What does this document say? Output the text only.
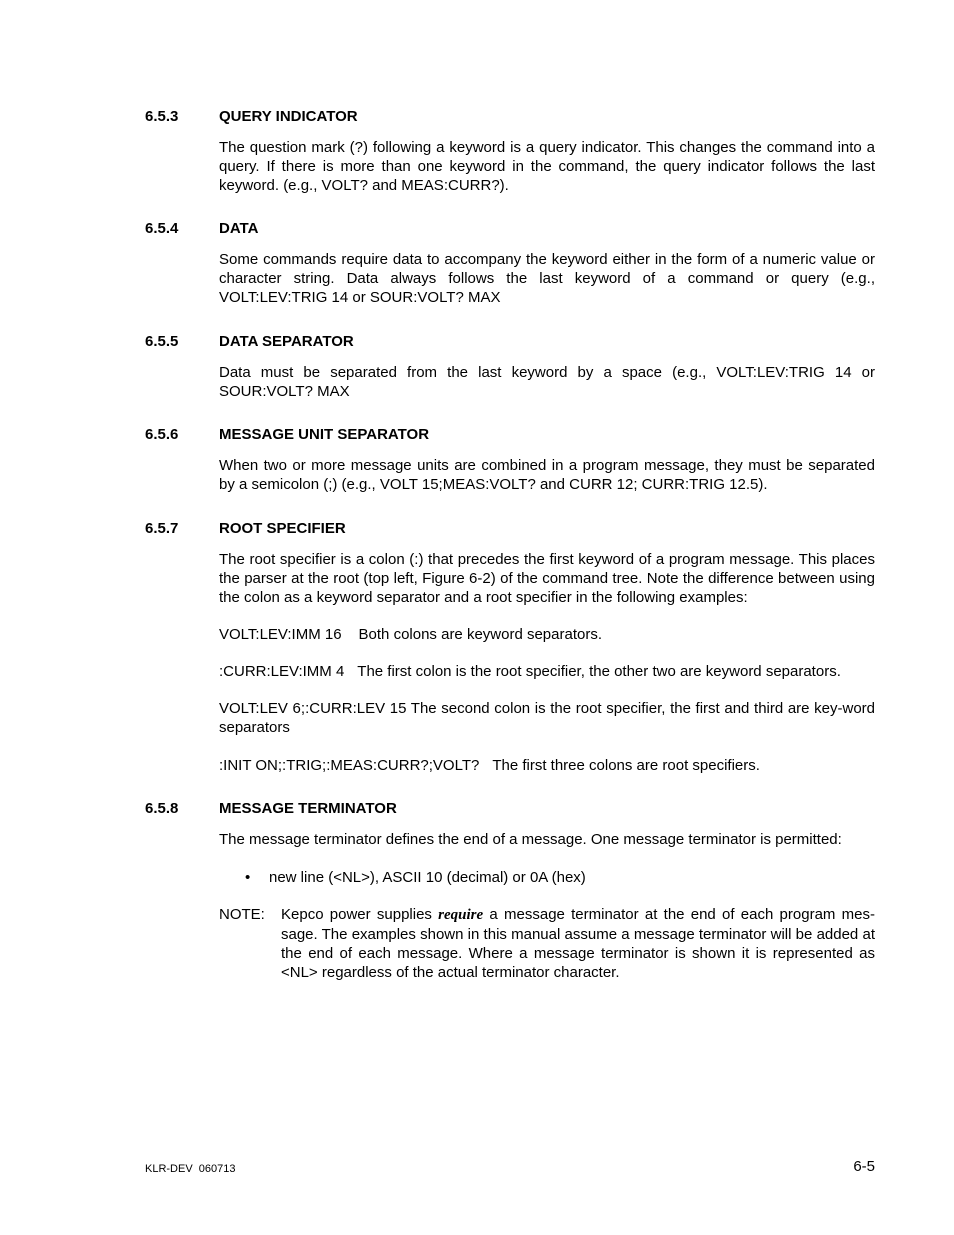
6.5.3	QUERY INDICATOR

The question mark (?) following a keyword is a query indicator. This changes the command into a query. If there is more than one keyword in the command, the query indicator follows the last keyword. (e.g., VOLT? and MEAS:CURR?).

6.5.4	DATA

Some commands require data to accompany the keyword either in the form of a numeric value or character string. Data always follows the last keyword of a command or query (e.g., VOLT:LEV:TRIG 14 or SOUR:VOLT? MAX

6.5.5	DATA SEPARATOR

Data must be separated from the last keyword by a space (e.g., VOLT:LEV:TRIG 14 or SOUR:VOLT? MAX

6.5.6	MESSAGE UNIT SEPARATOR

When two or more message units are combined in a program message, they must be separated by a semicolon (;) (e.g., VOLT 15;MEAS:VOLT? and CURR 12; CURR:TRIG 12.5).

6.5.7	ROOT SPECIFIER

The root specifier is a colon (:) that precedes the first keyword of a program message. This places the parser at the root (top left, Figure 6-2) of the command tree. Note the difference between using the colon as a keyword separator and a root specifier in the following examples:

VOLT:LEV:IMM 16 Both colons are keyword separators.
:CURR:LEV:IMM 4 The first colon is the root specifier, the other two are keyword separators.
VOLT:LEV 6;:CURR:LEV 15 The second colon is the root specifier, the first and third are key-word separators
:INIT ON;:TRIG;:MEAS:CURR?;VOLT? The first three colons are root specifiers.
6.5.8	MESSAGE TERMINATOR

The message terminator defines the end of a message. One message terminator is permitted:

• new line (<NL>), ASCII 10 (decimal) or 0A (hex)
NOTE: Kepco power supplies require a message terminator at the end of each program mes-sage. The examples shown in this manual assume a message terminator will be added at the end of each message. Where a message terminator is shown it is represented as <NL> regardless of the actual terminator character.

KLR-DEV  060713	6-5
